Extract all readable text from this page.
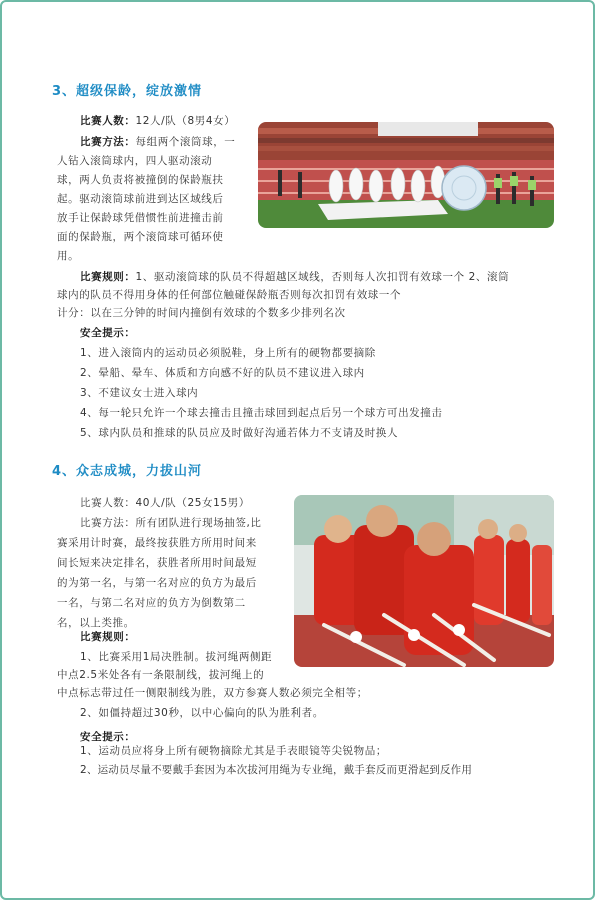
3、超级保龄，绽放激情
比赛人数：12人/队（8男4女）
比赛方法：每组两个滚筒球，一
人钻入滚筒球内，四人驱动滚动
球，两人负责将被撞倒的保龄瓶扶
起。驱动滚筒球前进到达区域线后
放手让保龄球凭借惯性前进撞击前
面的保龄瓶，两个滚筒球可循环使
用。
比赛规则：1、驱动滚筒球的队员不得超越区域线，否则每人次扣罚有效球一个 2、滚筒
球内的队员不得用身体的任何部位触碰保龄瓶否则每次扣罚有效球一个
计分：以在三分钟的时间内撞倒有效球的个数多少排列名次
安全提示：
1、进入滚筒内的运动员必须脱鞋，身上所有的硬物都要摘除
2、晕船、晕车、体质和方向感不好的队员不建议进入球内
3、不建议女士进入球内
4、每一轮只允许一个球去撞击且撞击球回到起点后另一个球方可出发撞击
5、球内队员和推球的队员应及时做好沟通若体力不支请及时换人
4、众志成城，力拔山河
比赛人数：40人/队（25女15男）
比赛方法：所有团队进行现场抽签,比
赛采用计时赛，最终按获胜方所用时间来
间长短来决定排名，获胜者所用时间最短
的为第一名，与第一名对应的负方为最后
一名，与第二名对应的负方为倒数第二
名，以上类推。
比赛规则：
1、比赛采用1局决胜制。拔河绳两侧距
中点2.5米处各有一条限制线，拔河绳上的
中点标志带过任一侧限制线为胜，双方参赛人数必须完全相等；
2、如僵持超过30秒，以中心偏向的队为胜利者。
安全提示：
1、运动员应将身上所有硬物摘除尤其是手表眼镜等尖锐物品；
2、运动员尽量不要戴手套因为本次拔河用绳为专业绳，戴手套反而更滑起到反作用
